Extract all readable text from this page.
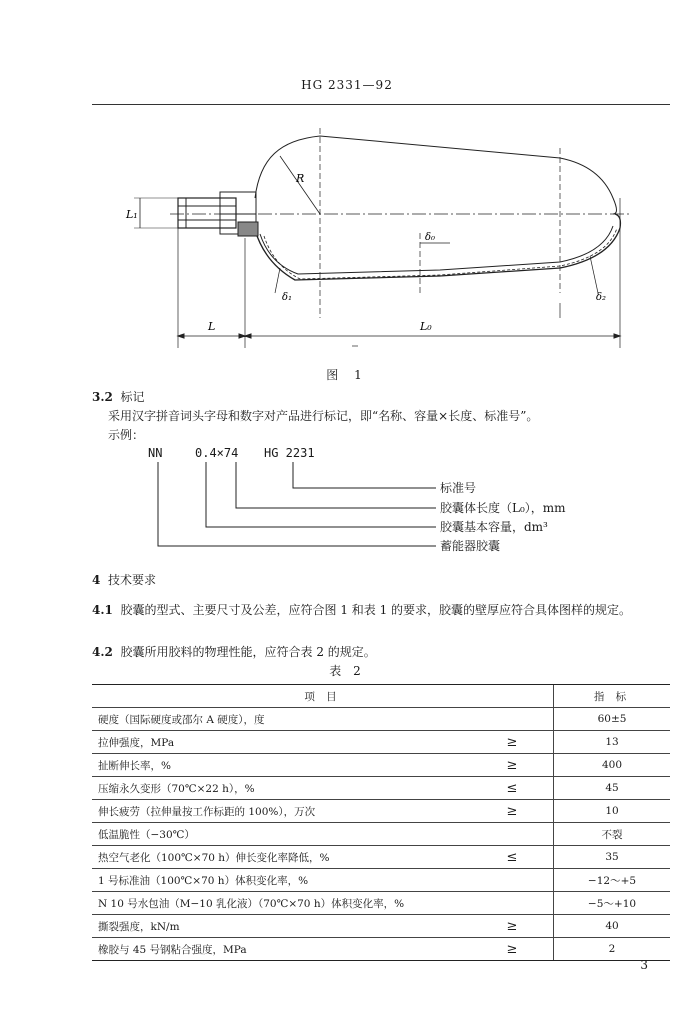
HG 2331—92
R
L₁
δ₀
δ₁	δ₂
L	L₀
图 1
3.2 标记
采用汉字拼音词头字母和数字对产品进行标记，即“名称、容量×长度、标准号”。
示例：
NN	0.4×74 HG 2231
标准号
胶囊体长度（L₀），mm
胶囊基本容量，dm³
蓄能器胶囊
4 技术要求
4.1 胶囊的型式、主要尺寸及公差，应符合图 1 和表 1 的要求，胶囊的壁厚应符合具体图样的规定。
4.2 胶囊所用胶料的物理性能，应符合表 2 的规定。
表 2
项 目		指 标
硬度（国际硬度或邵尔 A 硬度），度		60±5
拉伸强度，MPa	≥	13
扯断伸长率，%	≥	400
压缩永久变形（70℃×22 h），%	≤	45
伸长疲劳（拉伸量按工作标距的 100%），万次	≥	10
低温脆性（−30℃）		不裂
热空气老化（100℃×70 h）伸长变化率降低，%	≤	35
1 号标准油（100℃×70 h）体积变化率，%		−12～+5
N 10 号水包油（M−10 乳化液）（70℃×70 h）体积变化率，%		−5～+10
撕裂强度，kN/m	≥	40
橡胶与 45 号钢粘合强度，MPa	≥	2
3
